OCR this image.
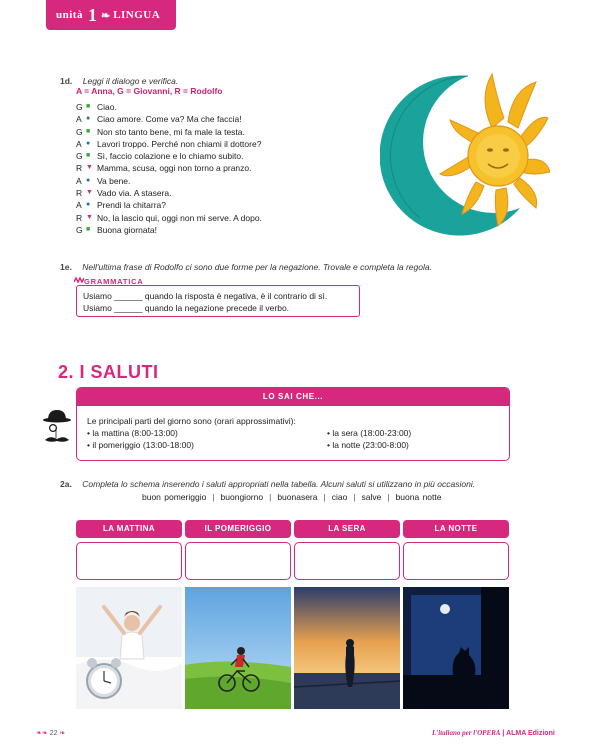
unità 1 ❧ LINGUA
1d. Leggi il dialogo e verifica.
A = Anna, G = Giovanni, R = Rodolfo
G ■ Ciao.
A ● Ciao amore. Come va? Ma che faccia!
G ■ Non sto tanto bene, mi fa male la testa.
A ● Lavori troppo. Perché non chiami il dottore?
G ■ Sì, faccio colazione e lo chiamo subito.
R ▼ Mamma, scusa, oggi non torno a pranzo.
A ● Va bene.
R ▼ Vado via. A stasera.
A ● Prendi la chitarra?
R ▼ No, la lascio qui, oggi non mi serve. A dopo.
G ■ Buona giornata!
1e. Nell'ultima frase di Rodolfo ci sono due forme per la negazione. Trovale e completa la regola.
GRAMMATICA
Usiamo ______ quando la risposta è negativa, è il contrario di sì.
Usiamo ______ quando la negazione precede il verbo.
2. I SALUTI
LO SAI CHE...
Le principali parti del giorno sono (orari approssimativi):
• la mattina (8:00-13:00)
• il pomeriggio (13:00-18:00)
• la sera (18:00-23:00)
• la notte (23:00-8:00)
2a. Completa lo schema inserendo i saluti appropriati nella tabella. Alcuni saluti si utilizzano in più occasioni.
buon pomeriggio | buongiorno | buonasera | ciao | salve | buona notte
LA MATTINA	IL POMERIGGIO	LA SERA	LA NOTTE
❧❧ 22 ❧	L'italiano per l'OPERA | ALMA Edizioni
